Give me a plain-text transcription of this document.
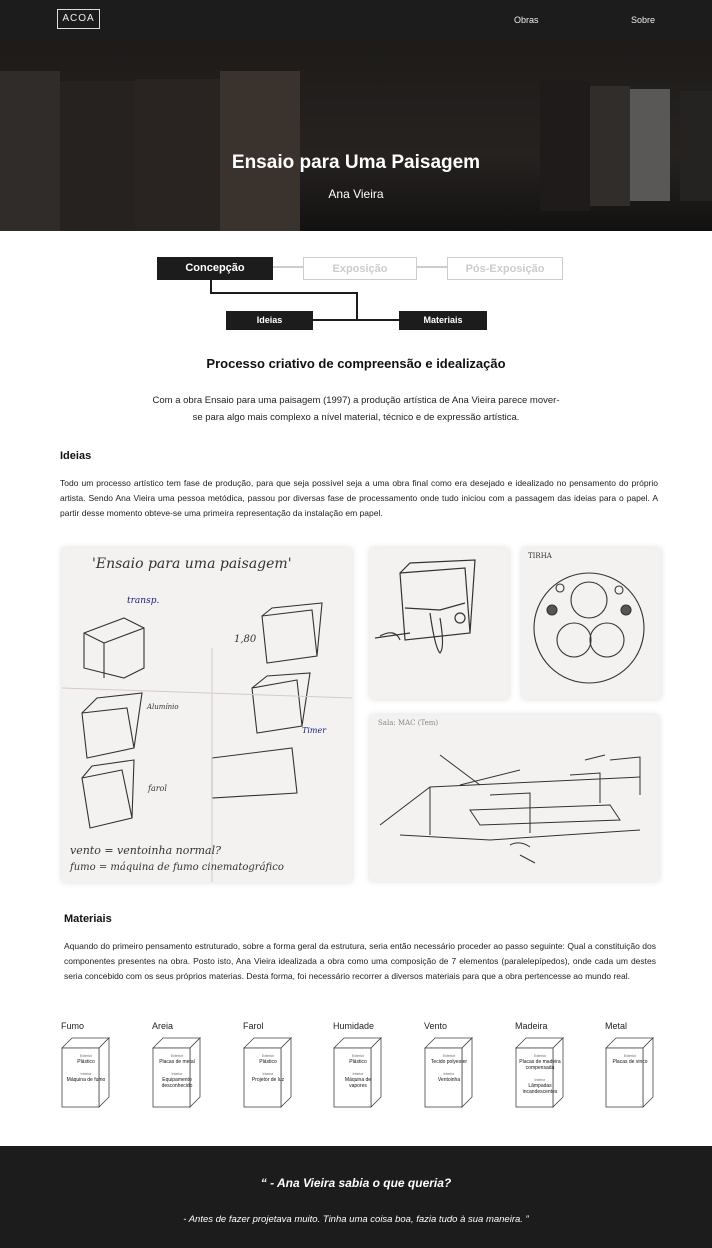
ACOA	Obras	Sobre
Ensaio para Uma Paisagem
Ana Vieira
Concepção	Exposição	Pós-Exposição
Ideias	Materiais
Processo criativo de compreensão e idealização
Com a obra Ensaio para uma paisagem (1997) a produção artística de Ana Vieira parece mover-
se para algo mais complexo a nível material, técnico e de expressão artística.
Ideias
Todo um processo artístico tem fase de produção, para que seja possível seja a uma obra final como era desejado e idealizado no pensamento do próprio artista. Sendo Ana Vieira uma pessoa metódica, passou por diversas fase de processamento onde tudo iniciou com a passagem das ideias para o papel. A partir desse momento obteve-se uma primeira representação da instalação em papel.
'Ensaio para uma paisagem'
transp.
1,80
Alumínio
farol
Timer
vento = ventoinha normal?
fumo = máquina de fumo cinematográfico
TIRHA
Sala: MAC (Tem)
Materiais
Aquando do primeiro pensamento estruturado, sobre a forma geral da estrutura, seria então necessário proceder ao passo seguinte: Qual a constituição dos componentes presentes na obra. Posto isto, Ana Vieira idealizada a obra como uma composição de 7 elementos (paralelepípedos), onde cada um destes seria concebido com os seus próprios materias. Desta forma, foi necessário recorrer a diversos materiais para que a obra pertencesse ao mundo real.
Fumo
Exterior
Plástico
Interior
Máquina de fumo
Areia
Exterior
Placas de metal
Interior
Equipamento desconhecido
Farol
Exterior
Plástico
Interior
Projetor de luz
Humidade
Exterior
Plástico
Interior
Máquina de vapores
Vento
Exterior
Tecido polyester
Interior
Ventoinha
Madeira
Exterior
Placas de madeira compensada
Interior
Lâmpadas incandescentes
Metal
Exterior
Placas de vinco
“ - Ana Vieira sabia o que queria?
- Antes de fazer projetava muito. Tinha uma coisa boa, fazia tudo à sua maneira. ”
